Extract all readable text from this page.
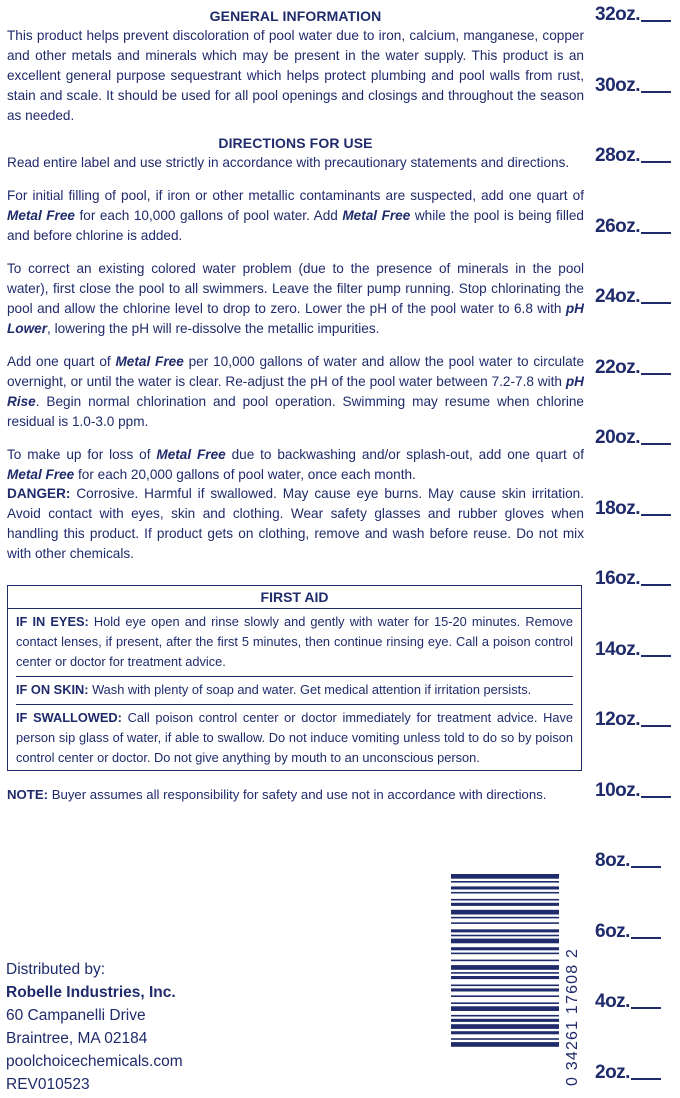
GENERAL INFORMATION

This product helps prevent discoloration of pool water due to iron, calcium, manganese, copper and other metals and minerals which may be present in the water supply. This product is an excellent general purpose sequestrant which helps protect plumbing and pool walls from rust, stain and scale. It should be used for all pool openings and closings and throughout the season as needed.

DIRECTIONS FOR USE

Read entire label and use strictly in accordance with precautionary statements and directions.

For initial filling of pool, if iron or other metallic contaminants are suspected, add one quart of Metal Free for each 10,000 gallons of pool water. Add Metal Free while the pool is being filled and before chlorine is added.

To correct an existing colored water problem (due to the presence of minerals in the pool water), first close the pool to all swimmers. Leave the filter pump running. Stop chlorinating the pool and allow the chlorine level to drop to zero. Lower the pH of the pool water to 6.8 with pH Lower, lowering the pH will re-dissolve the metallic impurities.

Add one quart of Metal Free per 10,000 gallons of water and allow the pool water to circulate overnight, or until the water is clear. Re-adjust the pH of the pool water between 7.2-7.8 with pH Rise. Begin normal chlorination and pool operation. Swimming may resume when chlorine residual is 1.0-3.0 ppm.

To make up for loss of Metal Free due to backwashing and/or splash-out, add one quart of Metal Free for each 20,000 gallons of pool water, once each month.

DANGER: Corrosive. Harmful if swallowed. May cause eye burns. May cause skin irritation. Avoid contact with eyes, skin and clothing. Wear safety glasses and rubber gloves when handling this product. If product gets on clothing, remove and wash before reuse. Do not mix with other chemicals.

FIRST AID
IF IN EYES: Hold eye open and rinse slowly and gently with water for 15-20 minutes. Remove contact lenses, if present, after the first 5 minutes, then continue rinsing eye. Call a poison control center or doctor for treatment advice.
IF ON SKIN: Wash with plenty of soap and water. Get medical attention if irritation persists.
IF SWALLOWED: Call poison control center or doctor immediately for treatment advice. Have person sip glass of water, if able to swallow. Do not induce vomiting unless told to do so by poison control center or doctor. Do not give anything by mouth to an unconscious person.
NOTE: Buyer assumes all responsibility for safety and use not in accordance with directions.
Distributed by:
Robelle Industries, Inc.
60 Campanelli Drive
Braintree, MA 02184
poolchoicechemicals.com
REV010523	0 34261 17608 2
32oz.
30oz.
28oz.
26oz.
24oz.
22oz.
20oz.
18oz.
16oz.
14oz.
12oz.
10oz.
8oz.
6oz.
4oz.
2oz.
